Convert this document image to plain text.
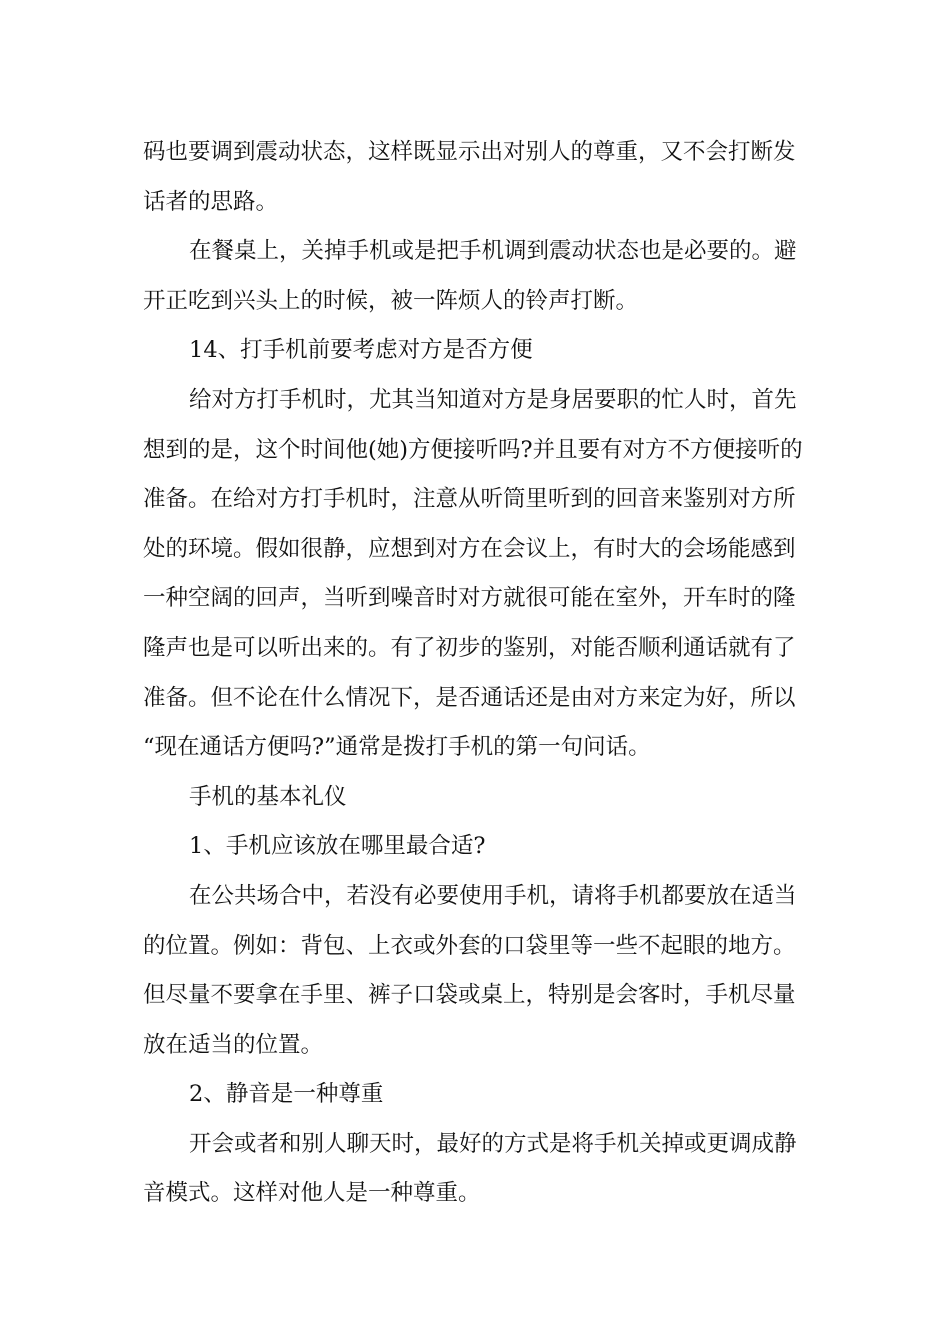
码也要调到震动状态，这样既显示出对别人的尊重，又不会打断发
话者的思路。
在餐桌上，关掉手机或是把手机调到震动状态也是必要的。避
开正吃到兴头上的时候，被一阵烦人的铃声打断。
14、打手机前要考虑对方是否方便
给对方打手机时，尤其当知道对方是身居要职的忙人时，首先
想到的是，这个时间他(她)方便接听吗?并且要有对方不方便接听的
准备。在给对方打手机时，注意从听筒里听到的回音来鉴别对方所
处的环境。假如很静，应想到对方在会议上，有时大的会场能感到
一种空阔的回声，当听到噪音时对方就很可能在室外，开车时的隆
隆声也是可以听出来的。有了初步的鉴别，对能否顺利通话就有了
准备。但不论在什么情况下，是否通话还是由对方来定为好，所以
“现在通话方便吗?”通常是拨打手机的第一句问话。
手机的基本礼仪
1、手机应该放在哪里最合适?
在公共场合中，若没有必要使用手机，请将手机都要放在适当
的位置。例如：背包、上衣或外套的口袋里等一些不起眼的地方。
但尽量不要拿在手里、裤子口袋或桌上，特别是会客时，手机尽量
放在适当的位置。
2、静音是一种尊重
开会或者和别人聊天时，最好的方式是将手机关掉或更调成静
音模式。这样对他人是一种尊重。
